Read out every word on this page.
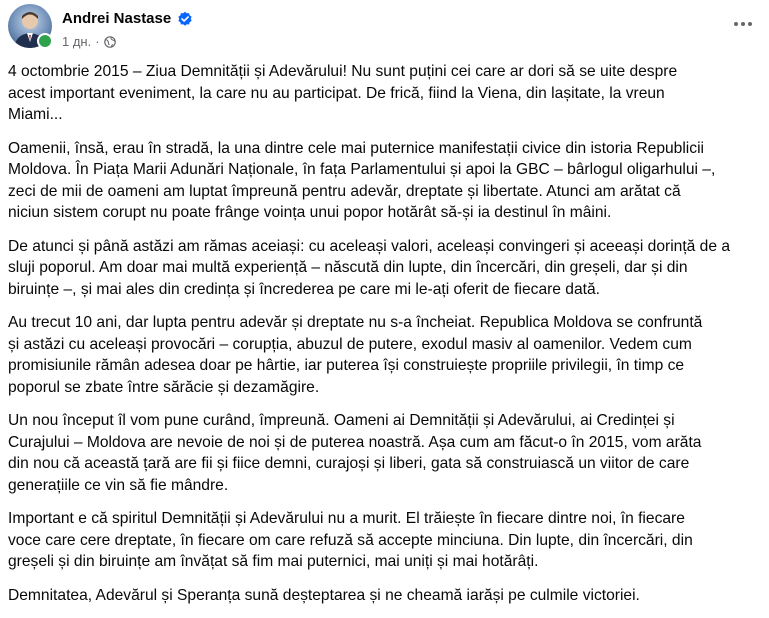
Andrei Nastase
1 дн. ·

4 octombrie 2015 – Ziua Demnității și Adevărului! Nu sunt puțini cei care ar dori să se uite despre
acest important eveniment, la care nu au participat. De frică, fiind la Viena, din lașitate, la vreun
Miami...

Oamenii, însă, erau în stradă, la una dintre cele mai puternice manifestații civice din istoria Republicii
Moldova. În Piața Marii Adunări Naționale, în fața Parlamentului și apoi la GBC – bârlogul oligarhului –,
zeci de mii de oameni am luptat împreună pentru adevăr, dreptate și libertate. Atunci am arătat că
niciun sistem corupt nu poate frânge voința unui popor hotărât să-și ia destinul în mâini.

De atunci și până astăzi am rămas aceiași: cu aceleași valori, aceleași convingeri și aceeași dorință de a
sluji poporul. Am doar mai multă experiență – născută din lupte, din încercări, din greșeli, dar și din
biruințe –, și mai ales din credința și încrederea pe care mi le-ați oferit de fiecare dată.

Au trecut 10 ani, dar lupta pentru adevăr și dreptate nu s-a încheiat. Republica Moldova se confruntă
și astăzi cu aceleași provocări – corupția, abuzul de putere, exodul masiv al oamenilor. Vedem cum
promisiunile rămân adesea doar pe hârtie, iar puterea își construiește propriile privilegii, în timp ce
poporul se zbate între sărăcie și dezamăgire.

Un nou început îl vom pune curând, împreună. Oameni ai Demnității și Adevărului, ai Credinței și
Curajului – Moldova are nevoie de noi și de puterea noastră. Așa cum am făcut-o în 2015, vom arăta
din nou că această țară are fii și fiice demni, curajoși și liberi, gata să construiască un viitor de care
generațiile ce vin să fie mândre.

Important e că spiritul Demnității și Adevărului nu a murit. El trăiește în fiecare dintre noi, în fiecare
voce care cere dreptate, în fiecare om care refuză să accepte minciuna. Din lupte, din încercări, din
greșeli și din biruințe am învățat să fim mai puternici, mai uniți și mai hotărâți.

Demnitatea, Adevărul și Speranța sună deșteptarea și ne cheamă iarăși pe culmile victoriei.
